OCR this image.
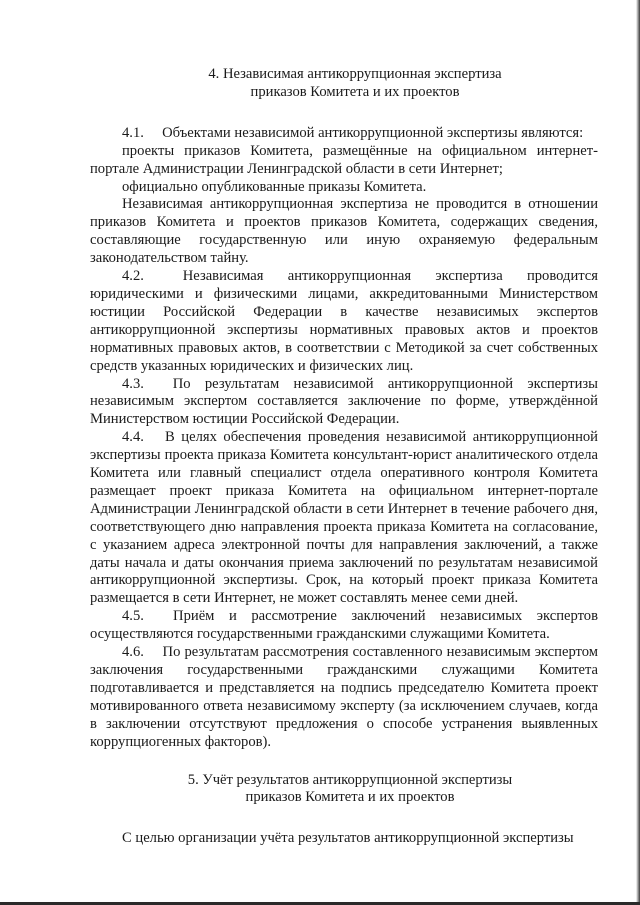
4. Независимая антикоррупционная экспертиза
приказов Комитета и их проектов

4.1.  Объектами независимой антикоррупционной экспертизы являются:

проекты приказов Комитета, размещённые на официальном интернет-портале Администрации Ленинградской области в сети Интернет;

официально опубликованные приказы Комитета.

Независимая антикоррупционная экспертиза не проводится в отношении приказов Комитета и проектов приказов Комитета, содержащих сведения, составляющие государственную или иную охраняемую федеральным законодательством тайну.

4.2.  Независимая антикоррупционная экспертиза проводится юридическими и физическими лицами, аккредитованными Министерством юстиции Российской Федерации в качестве независимых экспертов антикоррупционной экспертизы нормативных правовых актов и проектов нормативных правовых актов, в соответствии с Методикой за счет собственных средств указанных юридических и физических лиц.

4.3.  По результатам независимой антикоррупционной экспертизы независимым экспертом составляется заключение по форме, утверждённой Министерством юстиции Российской Федерации.

4.4.  В целях обеспечения проведения независимой антикоррупционной экспертизы проекта приказа Комитета консультант-юрист аналитического отдела Комитета или главный специалист отдела оперативного контроля Комитета размещает проект приказа Комитета на официальном интернет-портале Администрации Ленинградской области в сети Интернет в течение рабочего дня, соответствующего дню направления проекта приказа Комитета на согласование, с указанием адреса электронной почты для направления заключений, а также даты начала и даты окончания приема заключений по результатам независимой антикоррупционной экспертизы. Срок, на который проект приказа Комитета размещается в сети Интернет, не может составлять менее семи дней.

4.5.  Приём и рассмотрение заключений независимых экспертов осуществляются государственными гражданскими служащими Комитета.

4.6.  По результатам рассмотрения составленного независимым экспертом заключения государственными гражданскими служащими Комитета подготавливается и представляется на подпись председателю Комитета проект мотивированного ответа независимому эксперту (за исключением случаев, когда в заключении отсутствуют предложения о способе устранения выявленных коррупциогенных факторов).

5. Учёт результатов антикоррупционной экспертизы
приказов Комитета и их проектов

С целью организации учёта результатов антикоррупционной экспертизы
